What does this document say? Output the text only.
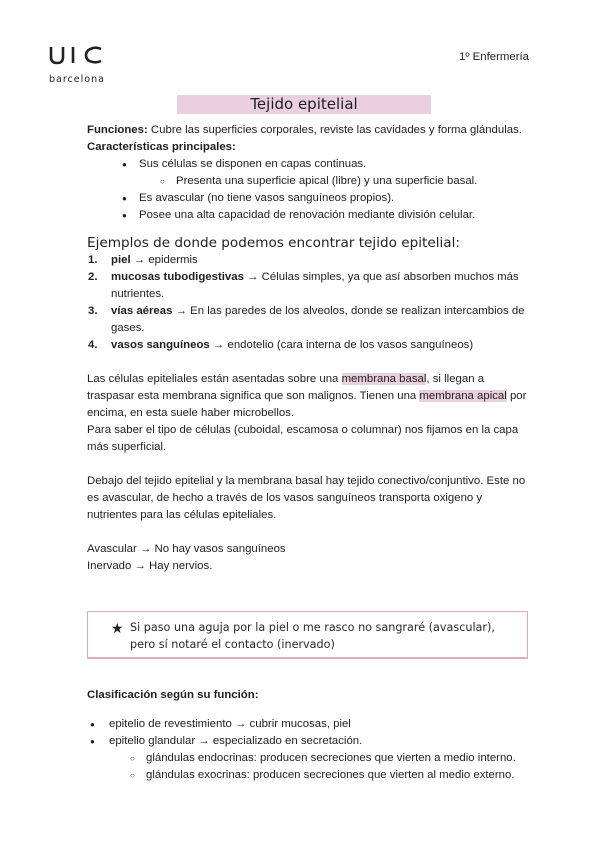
barcelona
1º Enfermería
Tejido epitelial

Funciones: Cubre las superficies corporales, reviste las cavidades y forma glándulas.

Características principales:

● Sus células se disponen en capas continuas.
○ Presenta una superficie apical (libre) y una superficie basal.
● Es avascular (no tiene vasos sanguíneos propios).
● Posee una alta capacidad de renovación mediante división celular.
Ejemplos de donde podemos encontrar tejido epitelial:
1. piel → epidermis
2. mucosas tubodigestivas → Células simples, ya que así absorben muchos más nutrientes.
3. vías aéreas → En las paredes de los alveolos, donde se realizan intercambios de gases.
4. vasos sanguíneos → endotelio (cara interna de los vasos sanguíneos)

Las células epiteliales están asentadas sobre una membrana basal, si llegan a traspasar esta membrana significa que son malignos. Tienen una membrana apical por encima, en esta suele haber microbellos.

Para saber el tipo de células (cuboidal, escamosa o columnar) nos fijamos en la capa más superficial.

Debajo del tejido epitelial y la membrana basal hay tejido conectivo/conjuntivo. Este no es avascular, de hecho a través de los vasos sanguíneos transporta oxigeno y nutrientes para las células epiteliales.

Avascular → No hay vasos sanguíneos

Inervado → Hay nervios.

★ Si paso una aguja por la piel o me rasco no sangraré (avascular), pero sí notaré el contacto (inervado)

Clasificación según su función:

● epitelio de revestimiento → cubrir mucosas, piel
● epitelio glandular → especializado en secretación.
○ glándulas endocrinas: producen secreciones que vierten a medio interno.
○ glándulas exocrinas: producen secreciones que vierten al medio externo.
